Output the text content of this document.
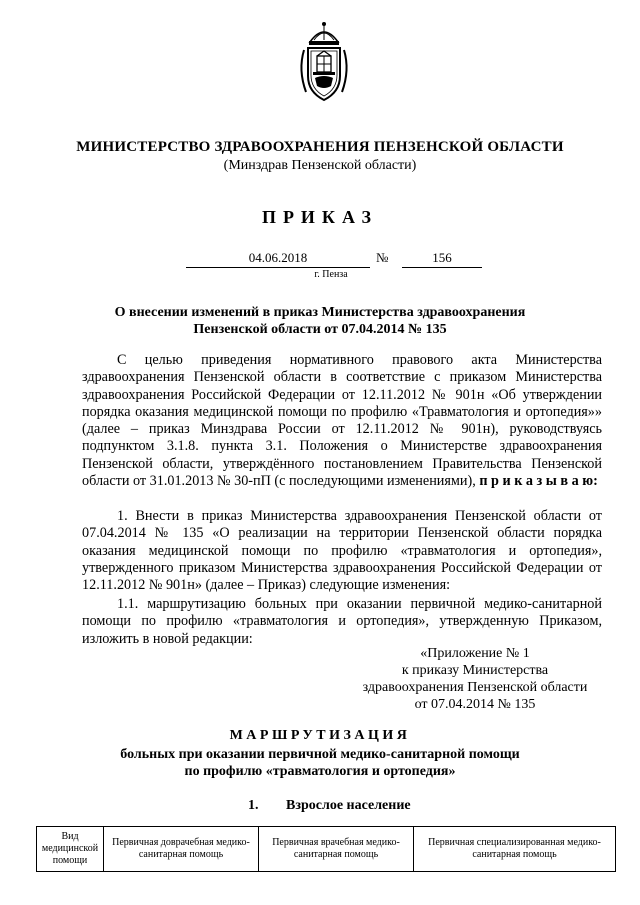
МИНИСТЕРСТВО ЗДРАВООХРАНЕНИЯ ПЕНЗЕНСКОЙ ОБЛАСТИ
(Минздрав Пензенской области)
ПРИКАЗ
04.06.2018	№	156
г. Пенза
О внесении изменений в приказ Министерства здравоохранения Пензенской области от 07.04.2014 № 135

С целью приведения нормативного правового акта Министерства здравоохранения Пензенской области в соответствие с приказом Министерства здравоохранения Российской Федерации от 12.11.2012 № 901н «Об утверждении порядка оказания медицинской помощи по профилю «Травматология и ортопедия»» (далее – приказ Минздрава России от 12.11.2012 № 901н), руководствуясь подпунктом 3.1.8. пункта 3.1. Положения о Министерстве здравоохранения Пензенской области, утверждённого постановлением Правительства Пензенской области от 31.01.2013 № 30-пП (с последующими изменениями), п р и к а з ы в а ю:

1. Внести в приказ Министерства здравоохранения Пензенской области от 07.04.2014 № 135 «О реализации на территории Пензенской области порядка оказания медицинской помощи по профилю «травматология и ортопедия», утвержденного приказом Министерства здравоохранения Российской Федерации от 12.11.2012 № 901н» (далее – Приказ) следующие изменения:

1.1. маршрутизацию больных при оказании первичной медико-санитарной помощи по профилю «травматология и ортопедия», утвержденную Приказом, изложить в новой редакции:

«Приложение № 1
к приказу Министерства
здравоохранения Пензенской области
от 07.04.2014 № 135
МАРШРУТИЗАЦИЯ
больных при оказании первичной медико-санитарной помощи
по профилю «травматология и ортопедия»
1. Взрослое население
Вид медицинской помощи	Первичная доврачебная медико-санитарная помощь	Первичная врачебная медико-санитарная помощь	Первичная специализированная медико-санитарная помощь
